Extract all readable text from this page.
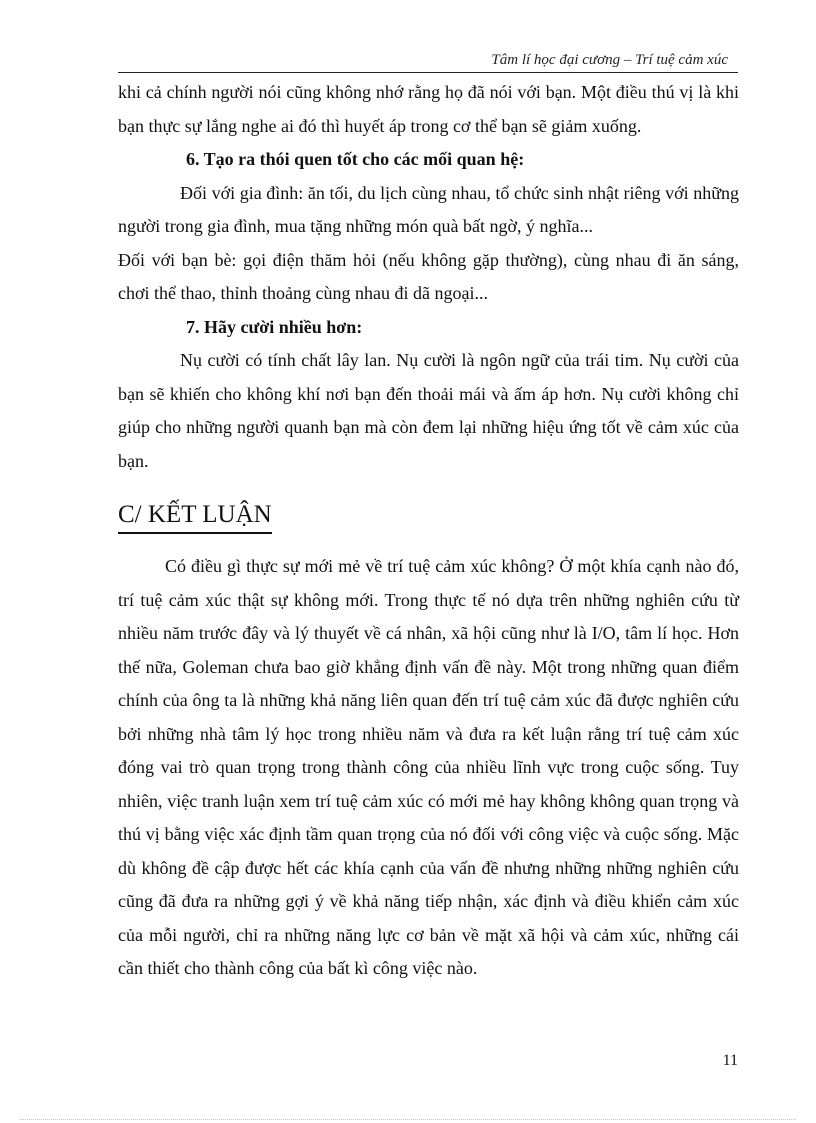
Tâm lí học đại cương – Trí tuệ cảm xúc

khi cả chính người nói cũng không nhớ rằng họ đã nói với bạn. Một điều thú vị là khi bạn thực sự lắng nghe ai đó thì huyết áp trong cơ thể bạn sẽ giảm xuống.

6. Tạo ra thói quen tốt cho các mối quan hệ:

Đối với gia đình: ăn tối, du lịch cùng nhau, tổ chức sinh nhật riêng với những người trong gia đình, mua tặng những món quà bất ngờ, ý nghĩa...

Đối với bạn bè: gọi điện thăm hỏi (nếu không gặp thường), cùng nhau đi ăn sáng, chơi thể thao, thỉnh thoảng cùng nhau đi dã ngoại...

7. Hãy cười nhiều hơn:

Nụ cười có tính chất lây lan. Nụ cười là ngôn ngữ của trái tim. Nụ cười của bạn sẽ khiến cho không khí nơi bạn đến thoải mái và ấm áp hơn. Nụ cười không chỉ giúp cho những người quanh bạn mà còn đem lại những hiệu ứng tốt về cảm xúc của bạn.

C/ KẾT LUẬN

Có điều gì thực sự mới mẻ về trí tuệ cảm xúc không? Ở một khía cạnh nào đó, trí tuệ cảm xúc thật sự không mới. Trong thực tế nó dựa trên những nghiên cứu từ nhiều năm trước đây và lý thuyết về cá nhân, xã hội cũng như là I/O, tâm lí học. Hơn thế nữa, Goleman chưa bao giờ khẳng định vấn đề này. Một trong những quan điểm chính của ông ta là những khả năng liên quan đến trí tuệ cảm xúc đã được nghiên cứu bởi những nhà tâm lý học trong nhiều năm và đưa ra kết luận rằng trí tuệ cảm xúc đóng vai trò quan trọng trong thành công của nhiều lĩnh vực trong cuộc sống. Tuy nhiên, việc tranh luận xem trí tuệ cảm xúc có mới mẻ hay không không quan trọng và thú vị bằng việc xác định tầm quan trọng của nó đối với công việc và cuộc sống. Mặc dù không đề cập được hết các khía cạnh của vấn đề nhưng những những nghiên cứu cũng đã đưa ra những gợi ý về khả năng tiếp nhận, xác định và điều khiển cảm xúc của mỗi người, chỉ ra những năng lực cơ bản về mặt xã hội và cảm xúc, những cái cần thiết cho thành công của bất kì công việc nào.

11
